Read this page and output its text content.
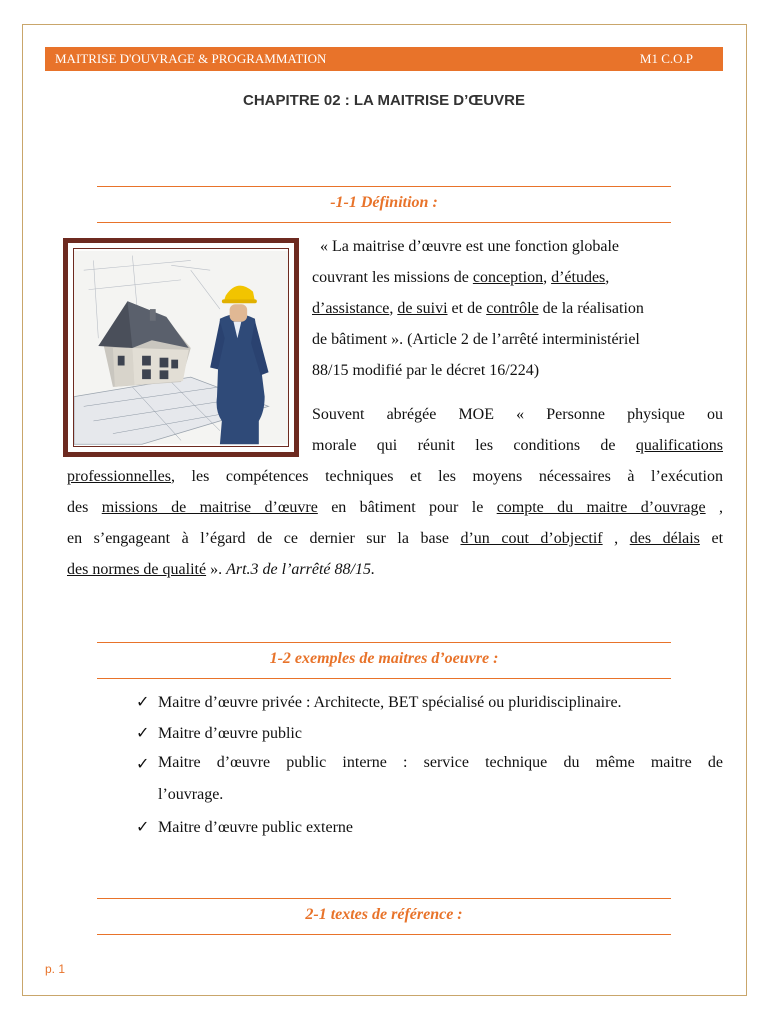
MAITRISE D'OUVRAGE & PROGRAMMATION	M1 C.O.P
CHAPITRE 02 : LA MAITRISE D’ŒUVRE
-1-1 Définition :
« La maitrise d’œuvre est une fonction globale
couvrant les missions de conception, d’études,
d’assistance, de suivi et de contrôle de la réalisation
de bâtiment ». (Article 2 de l’arrêté interministériel
88/15 modifié par le décret 16/224)
Souvent abrégée MOE « Personne physique ou
morale qui réunit les conditions de qualifications
professionnelles, les compétences techniques et les moyens nécessaires à l’exécution
des missions de maitrise d’œuvre en bâtiment pour le compte du maitre d’ouvrage ,
en s’engageant à l’égard de ce dernier sur la base d’un cout d’objectif , des délais et
des normes de qualité ». Art.3 de l’arrêté 88/15.
1-2 exemples de maitres d’oeuvre :
✓ Maitre d’œuvre privée : Architecte, BET spécialisé ou pluridisciplinaire.
✓ Maitre d’œuvre public
✓ Maitre d’œuvre public interne : service technique du même maitre de
l’ouvrage.
✓ Maitre d’œuvre public externe
2-1 textes de référence :
p. 1
